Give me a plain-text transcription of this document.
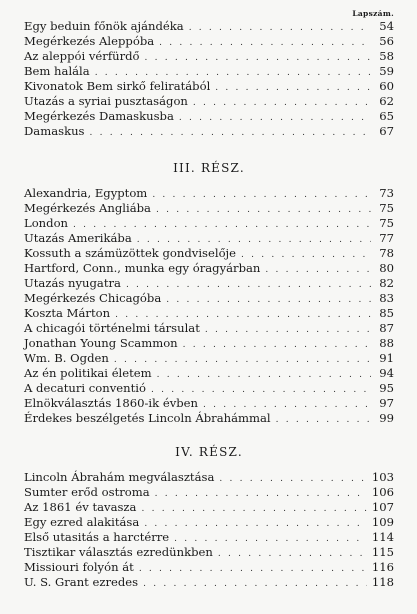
Lapszám.
Egy beduin főnök ajándéka . . .	54
Megérkezés Aleppóba . . .	56
Az aleppói vérfürdő . . .	58
Bem halála . . .	59
Kivonatok Bem sirkő feliratából . . .	60
Utazás a syriai pusztaságon . . .	62
Megérkezés Damaskusba . . .	65
Damaskus . . .	67
III. RÉSZ.
Alexandria, Egyptom . . .	73
Megérkezés Angliába . . .	75
London . . .	75
Utazás Amerikába . . .	77
Kossuth a számüzöttek gondviselője . . .	78
Hartford, Conn., munka egy óragyárban . . .	80
Utazás nyugatra . . .	82
Megérkezés Chicagóba . . .	83
Koszta Márton . . .	85
A chicagói történelmi társulat . . .	87
Jonathan Young Scammon . . .	88
Wm. B. Ogden . . .	91
Az én politikai életem . . .	94
A decaturi conventió . . .	95
Elnökválasztás 1860-ik évben . . .	97
Érdekes beszélgetés Lincoln Ábrahámmal . . .	99
IV. RÉSZ.
Lincoln Ábrahám megválasztása . . .	103
Sumter erőd ostroma . . .	106
Az 1861 év tavasza . . .	107
Egy ezred alakitása . . .	109
Első utasitás a harctérre . . .	114
Tisztikar választás ezredünkben . . .	115
Missiouri folyón át . . .	116
U. S. Grant ezredes . . .	118
